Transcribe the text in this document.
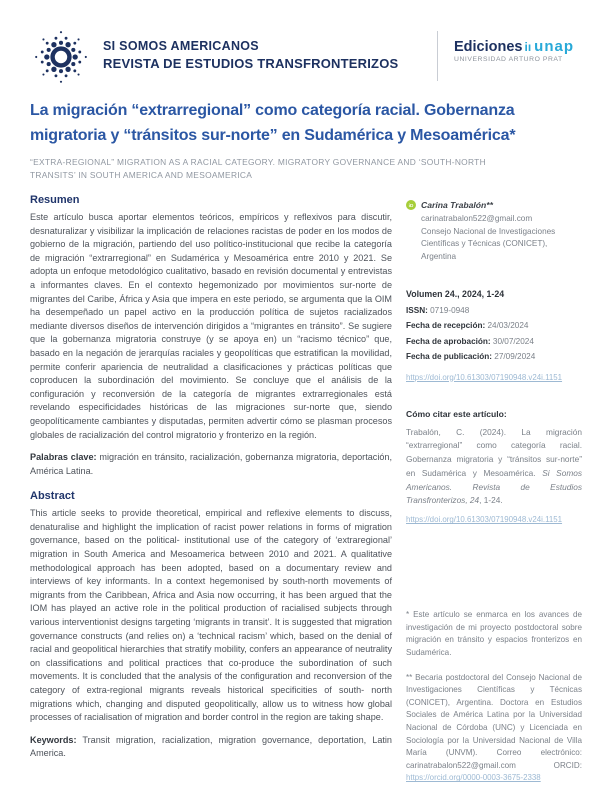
SI SOMOS AMERICANOS
REVISTA DE ESTUDIOS TRANSFRONTERIZOS
Ediciones iı unap
UNIVERSIDAD ARTURO PRAT
La migración “extrarregional” como categoría racial. Gobernanza migratoria y “tránsitos sur-norte” en Sudamérica y Mesoamérica*
“EXTRA-REGIONAL” MIGRATION AS A RACIAL CATEGORY. MIGRATORY GOVERNANCE AND ‘SOUTH-NORTH TRANSITS’ IN SOUTH AMERICA AND MESOAMERICA
Resumen

Este artículo busca aportar elementos teóricos, empíricos y reflexivos para discutir, desnaturalizar y visibilizar la implicación de relaciones racistas de poder en los modos de gobierno de la migración, partiendo del uso político-institucional que recibe la categoría de migración “extrarregional” en Sudamérica y Mesoamérica entre 2010 y 2021. Se adopta un enfoque metodológico cualitativo, basado en revisión documental y entrevistas a informantes claves. En el contexto hegemonizado por movimientos sur-norte de migrantes del Caribe, África y Asia que impera en este periodo, se argumenta que la OIM ha desempeñado un papel activo en la producción política de sujetos racializados mediante diversos diseños de intervención dirigidos a “migrantes en tránsito”. Se sugiere que la gobernanza migratoria construye (y se apoya en) un “racismo técnico” que, basado en la negación de jerarquías raciales y geopolíticas que estratifican la movilidad, permite conferir apariencia de neutralidad a clasificaciones y prácticas políticas que coproducen la subordinación del movimiento. Se concluye que el análisis de la configuración y reconversión de la categoría de migrantes extrarregionales está revelando especificidades históricas de las migraciones sur-norte que, siendo geopolíticamente cambiantes y disputadas, permiten advertir cómo se plasman procesos globales de racialización del control migratorio y fronterizo en la región.

Palabras clave: migración en tránsito, racialización, gobernanza migratoria, deportación, América Latina.

Abstract

This article seeks to provide theoretical, empirical and reflexive elements to discuss, denaturalise and highlight the implication of racist power relations in forms of migration governance, based on the political- institutional use of the category of ‘extraregional’ migration in South America and Mesoamerica between 2010 and 2021. A qualitative methodological approach has been adopted, based on a documentary review and interviews of key informants. In a context hegemonised by south-north movements of migrants from the Caribbean, Africa and Asia now occurring, it has been argued that the IOM has played an active role in the political production of racialised subjects through various interventionist designs targeting ‘migrants in transit’. It is suggested that migration governance constructs (and relies on) a ‘technical racism’ which, based on the denial of racial and geopolitical hierarchies that stratify mobility, confers an appearance of neutrality on classifications and political practices that co-produce the subordination of such movements. It is concluded that the analysis of the configuration and reconversion of the category of extra-regional migrants reveals historical specificities of south- north migrations which, changing and disputed geopolitically, allow us to witness how global processes of racialisation of migration and border control in the region are taking shape.

Keywords: Transit migration, racialization, migration governance, deportation, Latin America.

iD Carina Trabalón**
carinatrabalon522@gmail.com
Consejo Nacional de Investigaciones Científicas y Técnicas (CONICET), Argentina
Volumen 24., 2024, 1-24
ISSN: 0719-0948
Fecha de recepción: 24/03/2024
Fecha de aprobación: 30/07/2024
Fecha de publicación: 27/09/2024
https://doi.org/10.61303/07190948.v24i.1151
Cómo citar este artículo:
Trabalón, C. (2024). La migración “extrarregional” como categoría racial. Gobernanza migratoria y “tránsitos sur-norte” en Sudamérica y Mesoamérica. Si Somos Americanos. Revista de Estudios Transfronterizos, 24, 1-24.
https://doi.org/10.61303/07190948.v24i.1151
* Este artículo se enmarca en los avances de investigación de mi proyecto postdoctoral sobre migración en tránsito y espacios fronterizos en Sudamérica.
** Becaria postdoctoral del Consejo Nacional de Investigaciones Científicas y Técnicas (CONICET), Argentina. Doctora en Estudios Sociales de América Latina por la Universidad Nacional de Córdoba (UNC) y Licenciada en Sociología por la Universidad Nacional de Villa María (UNVM). Correo electrónico: carinatrabalon522@gmail.com ORCID: https://orcid.org/0000-0003-3675-2338
